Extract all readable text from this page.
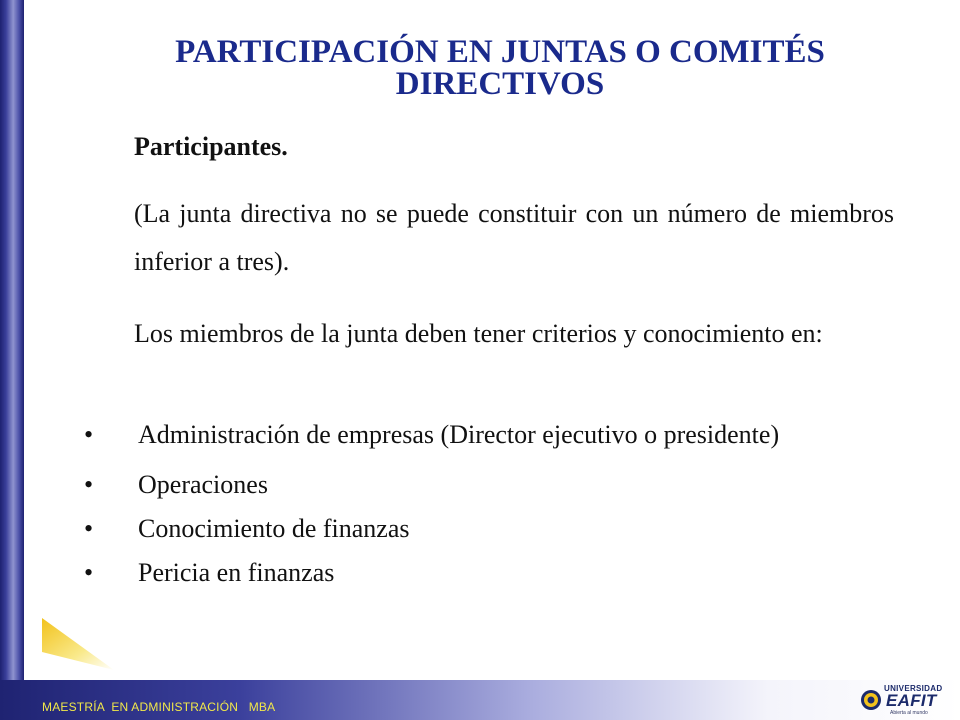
PARTICIPACIÓN EN JUNTAS O COMITÉS DIRECTIVOS
Participantes.
(La junta directiva no se puede constituir con un número de miembros inferior a tres).
Los miembros de la junta deben tener criterios y conocimiento en:
•	Administración de empresas (Director ejecutivo o presidente)
•	Operaciones
•	Conocimiento de finanzas
•	Pericia en finanzas
MAESTRÍA  EN ADMINISTRACIÓN   MBA
UNIVERSIDAD
EAFIT
Abierta al mundo
